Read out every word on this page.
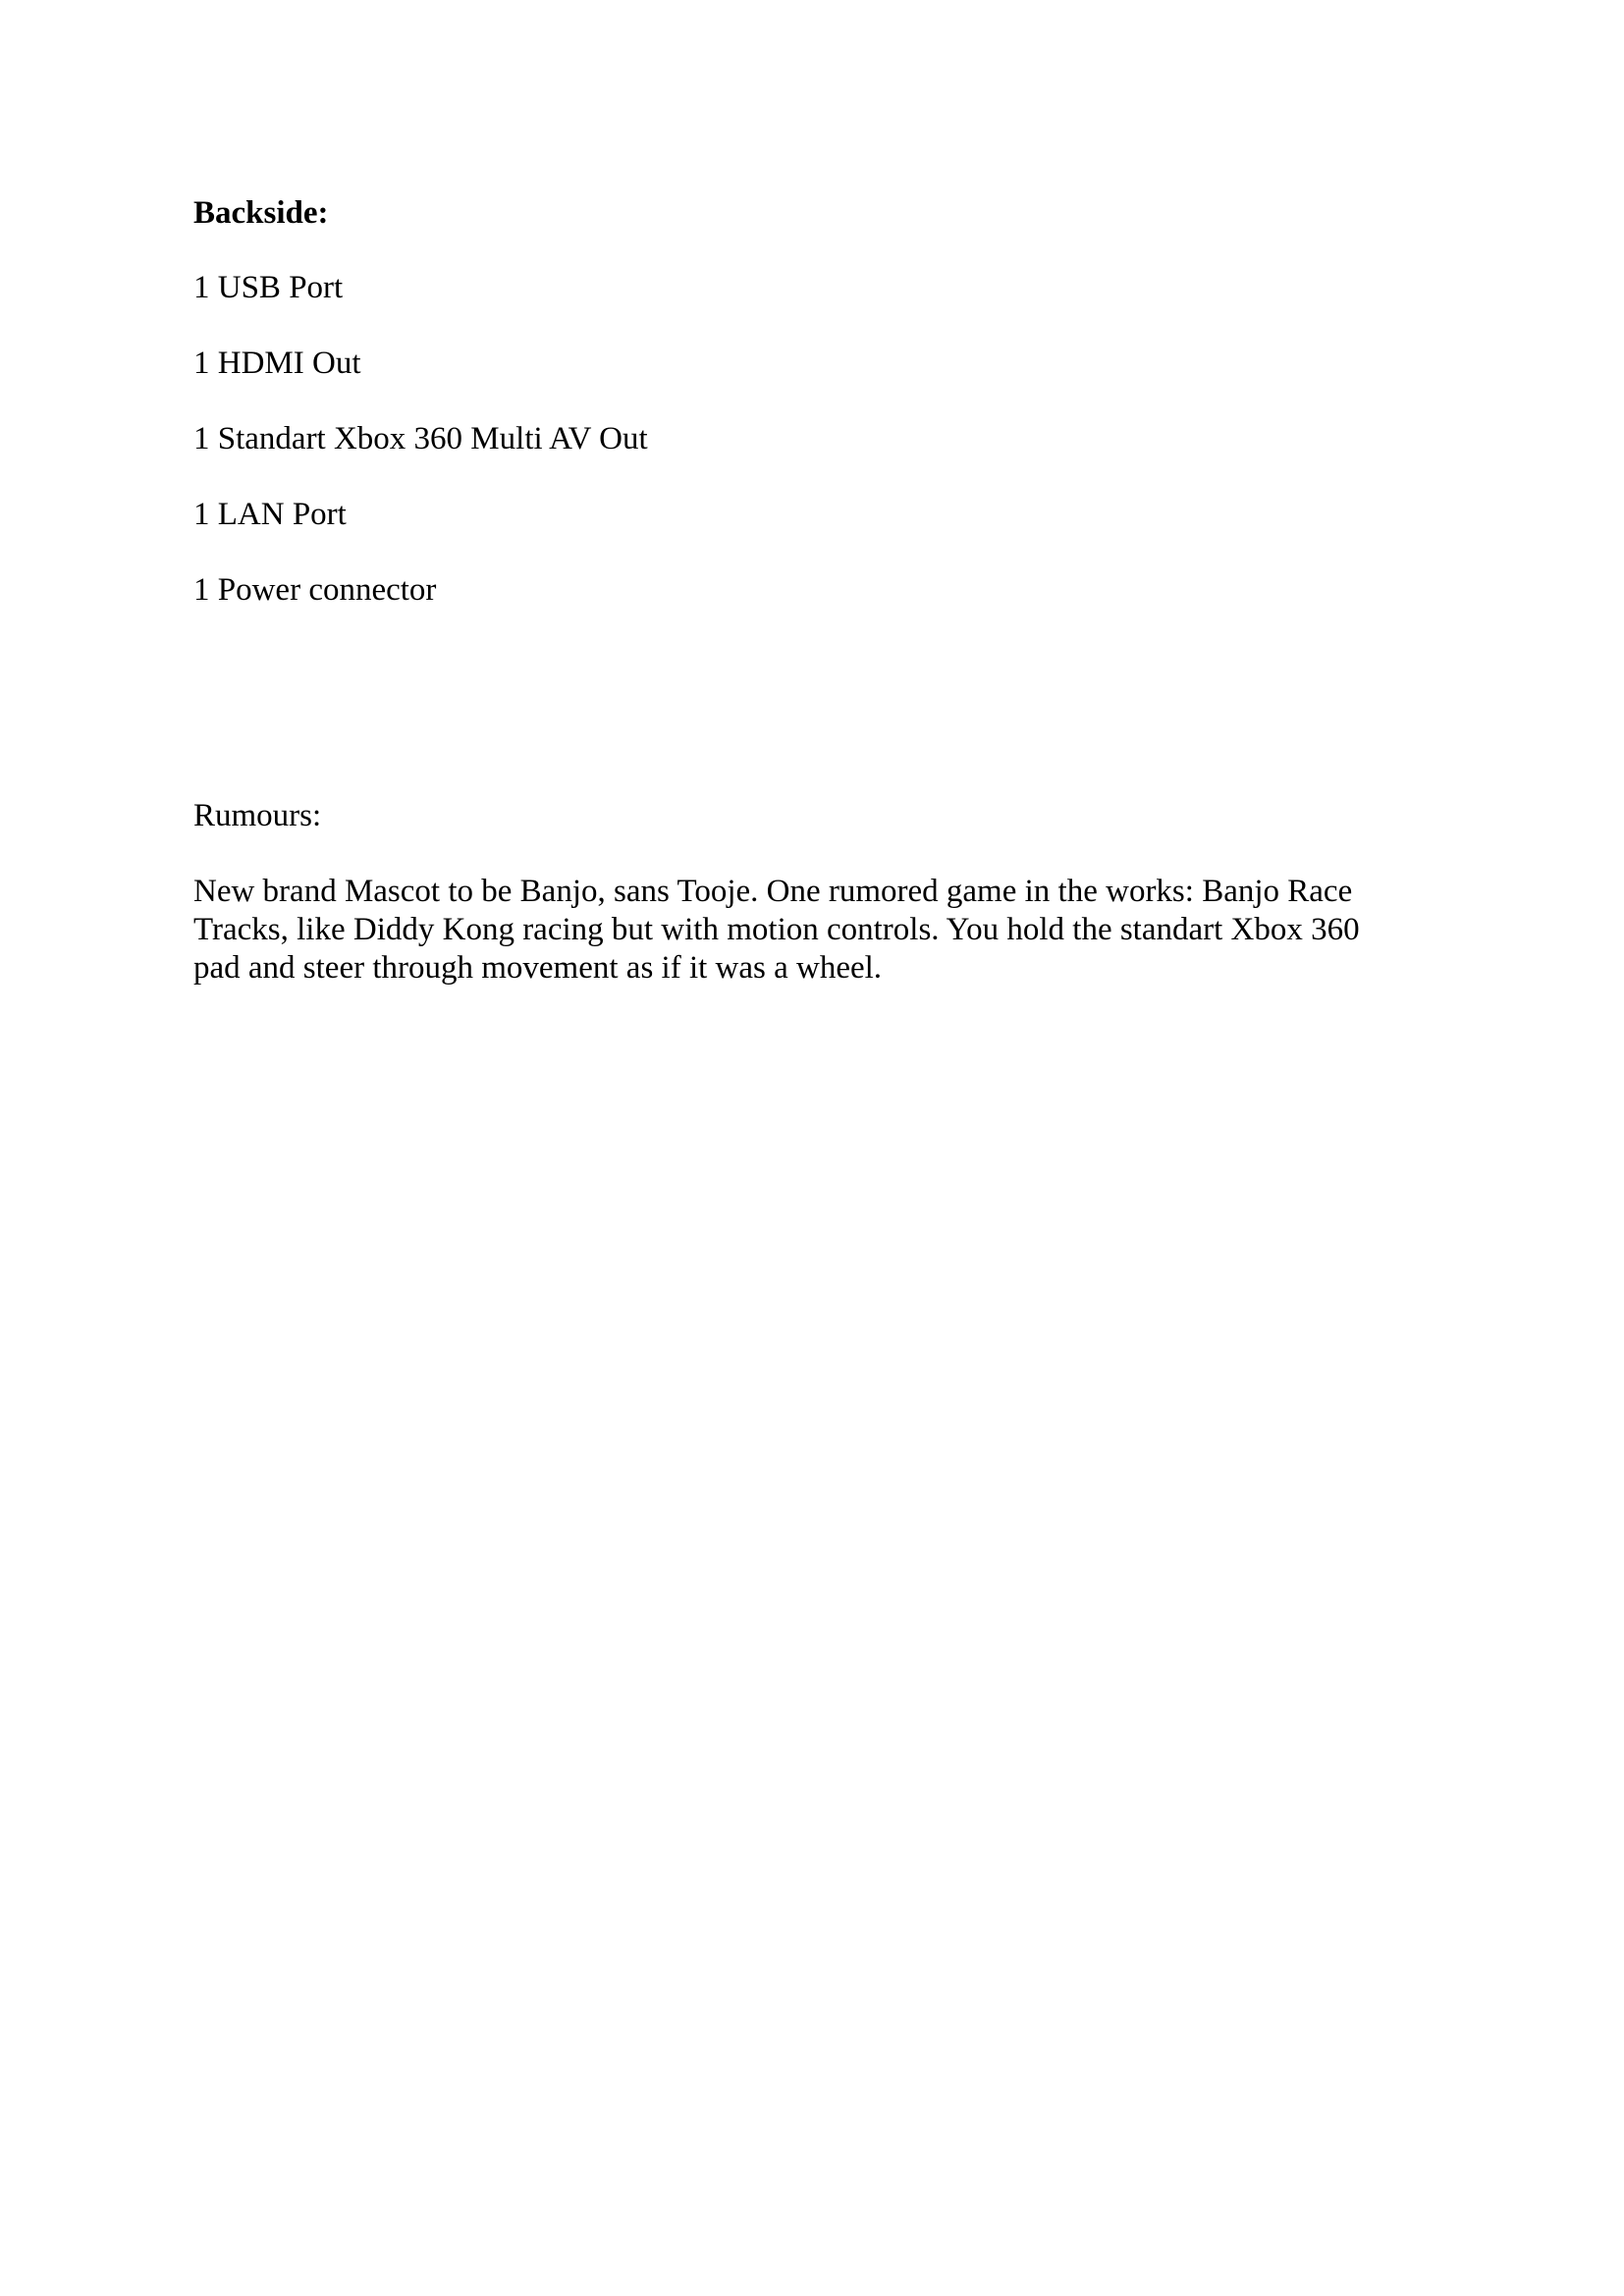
Backside:

1 USB Port

1 HDMI Out

1 Standart Xbox 360 Multi AV Out

1 LAN Port

1 Power connector

Rumours:

New brand Mascot to be Banjo, sans Tooje. One rumored game in the works: Banjo Race
Tracks, like Diddy Kong racing but with motion controls. You hold the standart Xbox 360
pad and steer through movement as if it was a wheel.
